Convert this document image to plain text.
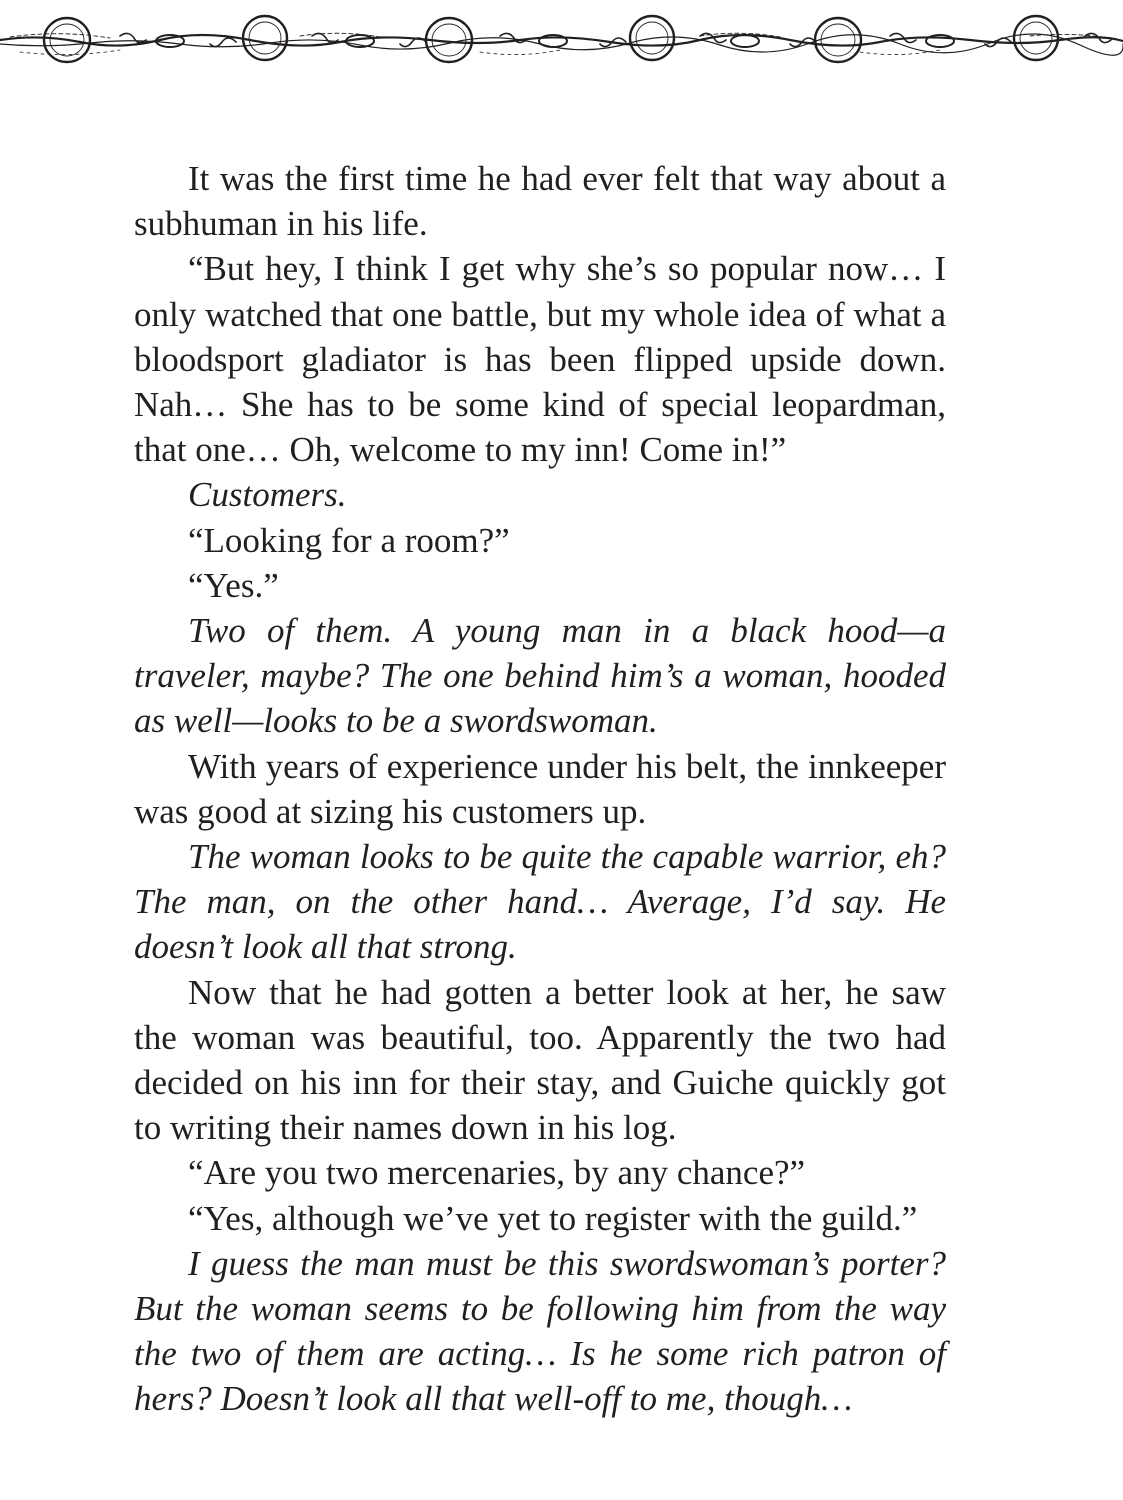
It was the first time he had ever felt that way about a subhuman in his life.

“But hey, I think I get why she’s so popular now… I only watched that one battle, but my whole idea of what a bloodsport gladiator is has been flipped upside down. Nah… She has to be some kind of special leopardman, that one… Oh, welcome to my inn! Come in!”

Customers.

“Looking for a room?”

“Yes.”

Two of them. A young man in a black hood—a traveler, maybe? The one behind him’s a woman, hooded as well—looks to be a swordswoman.

With years of experience under his belt, the innkeeper was good at sizing his customers up.

The woman looks to be quite the capable warrior, eh? The man, on the other hand… Average, I’d say. He doesn’t look all that strong.

Now that he had gotten a better look at her, he saw the woman was beautiful, too. Apparently the two had decided on his inn for their stay, and Guiche quickly got to writing their names down in his log.

“Are you two mercenaries, by any chance?”

“Yes, although we’ve yet to register with the guild.”

I guess the man must be this swordswoman’s porter? But the woman seems to be following him from the way the two of them are acting… Is he some rich patron of hers? Doesn’t look all that well-off to me, though…
